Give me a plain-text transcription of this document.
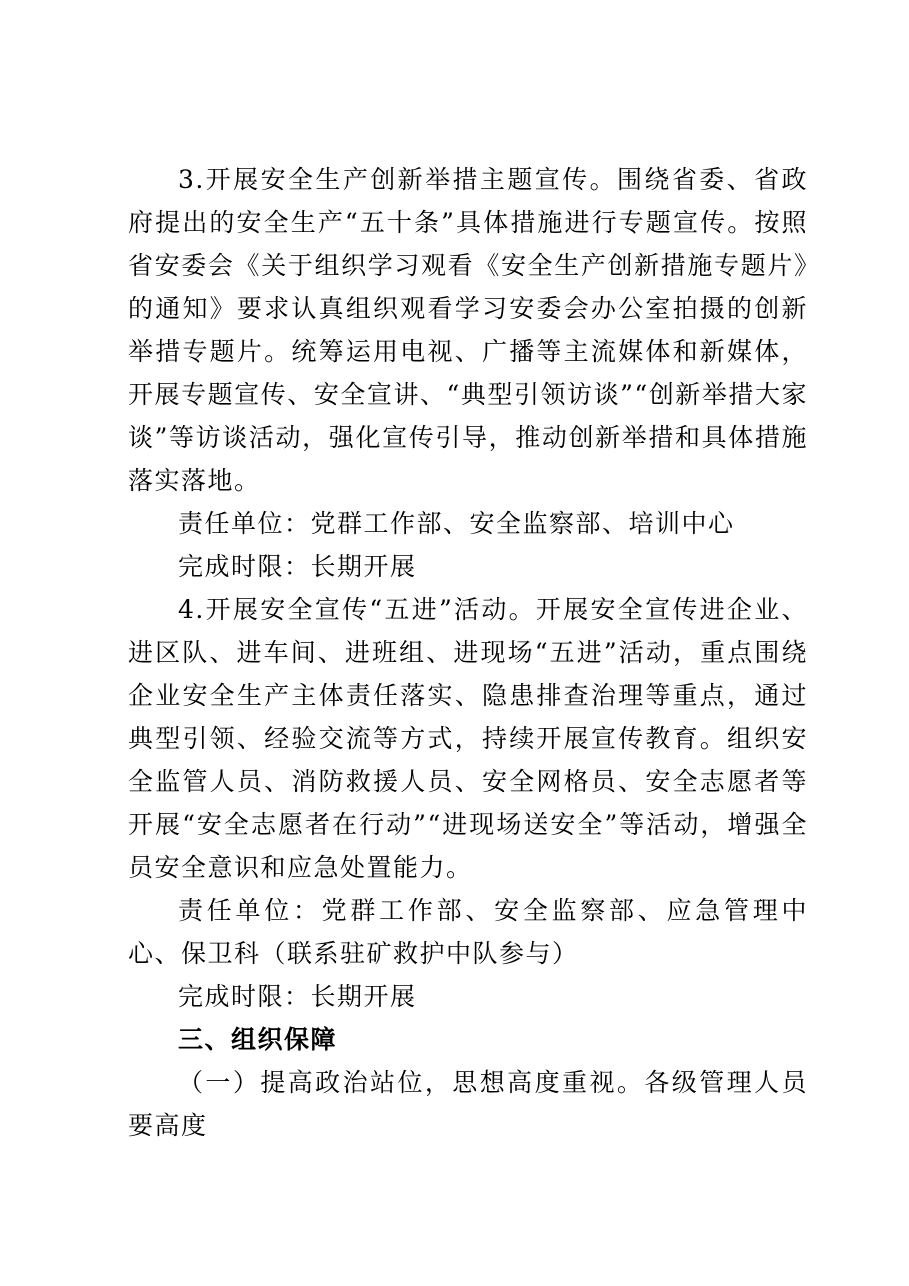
3.开展安全生产创新举措主题宣传。围绕省委、省政府提出的安全生产“五十条”具体措施进行专题宣传。按照省安委会《关于组织学习观看《安全生产创新措施专题片》的通知》要求认真组织观看学习安委会办公室拍摄的创新举措专题片。统筹运用电视、广播等主流媒体和新媒体，开展专题宣传、安全宣讲、“典型引领访谈”“创新举措大家谈”等访谈活动，强化宣传引导，推动创新举措和具体措施落实落地。

责任单位：党群工作部、安全监察部、培训中心

完成时限：长期开展

4.开展安全宣传“五进”活动。开展安全宣传进企业、进区队、进车间、进班组、进现场“五进”活动，重点围绕企业安全生产主体责任落实、隐患排查治理等重点，通过典型引领、经验交流等方式，持续开展宣传教育。组织安全监管人员、消防救援人员、安全网格员、安全志愿者等开展“安全志愿者在行动”“进现场送安全”等活动，增强全员安全意识和应急处置能力。

责任单位：党群工作部、安全监察部、应急管理中心、保卫科（联系驻矿救护中队参与）

完成时限：长期开展

三、组织保障

（一）提高政治站位，思想高度重视。各级管理人员要高度
